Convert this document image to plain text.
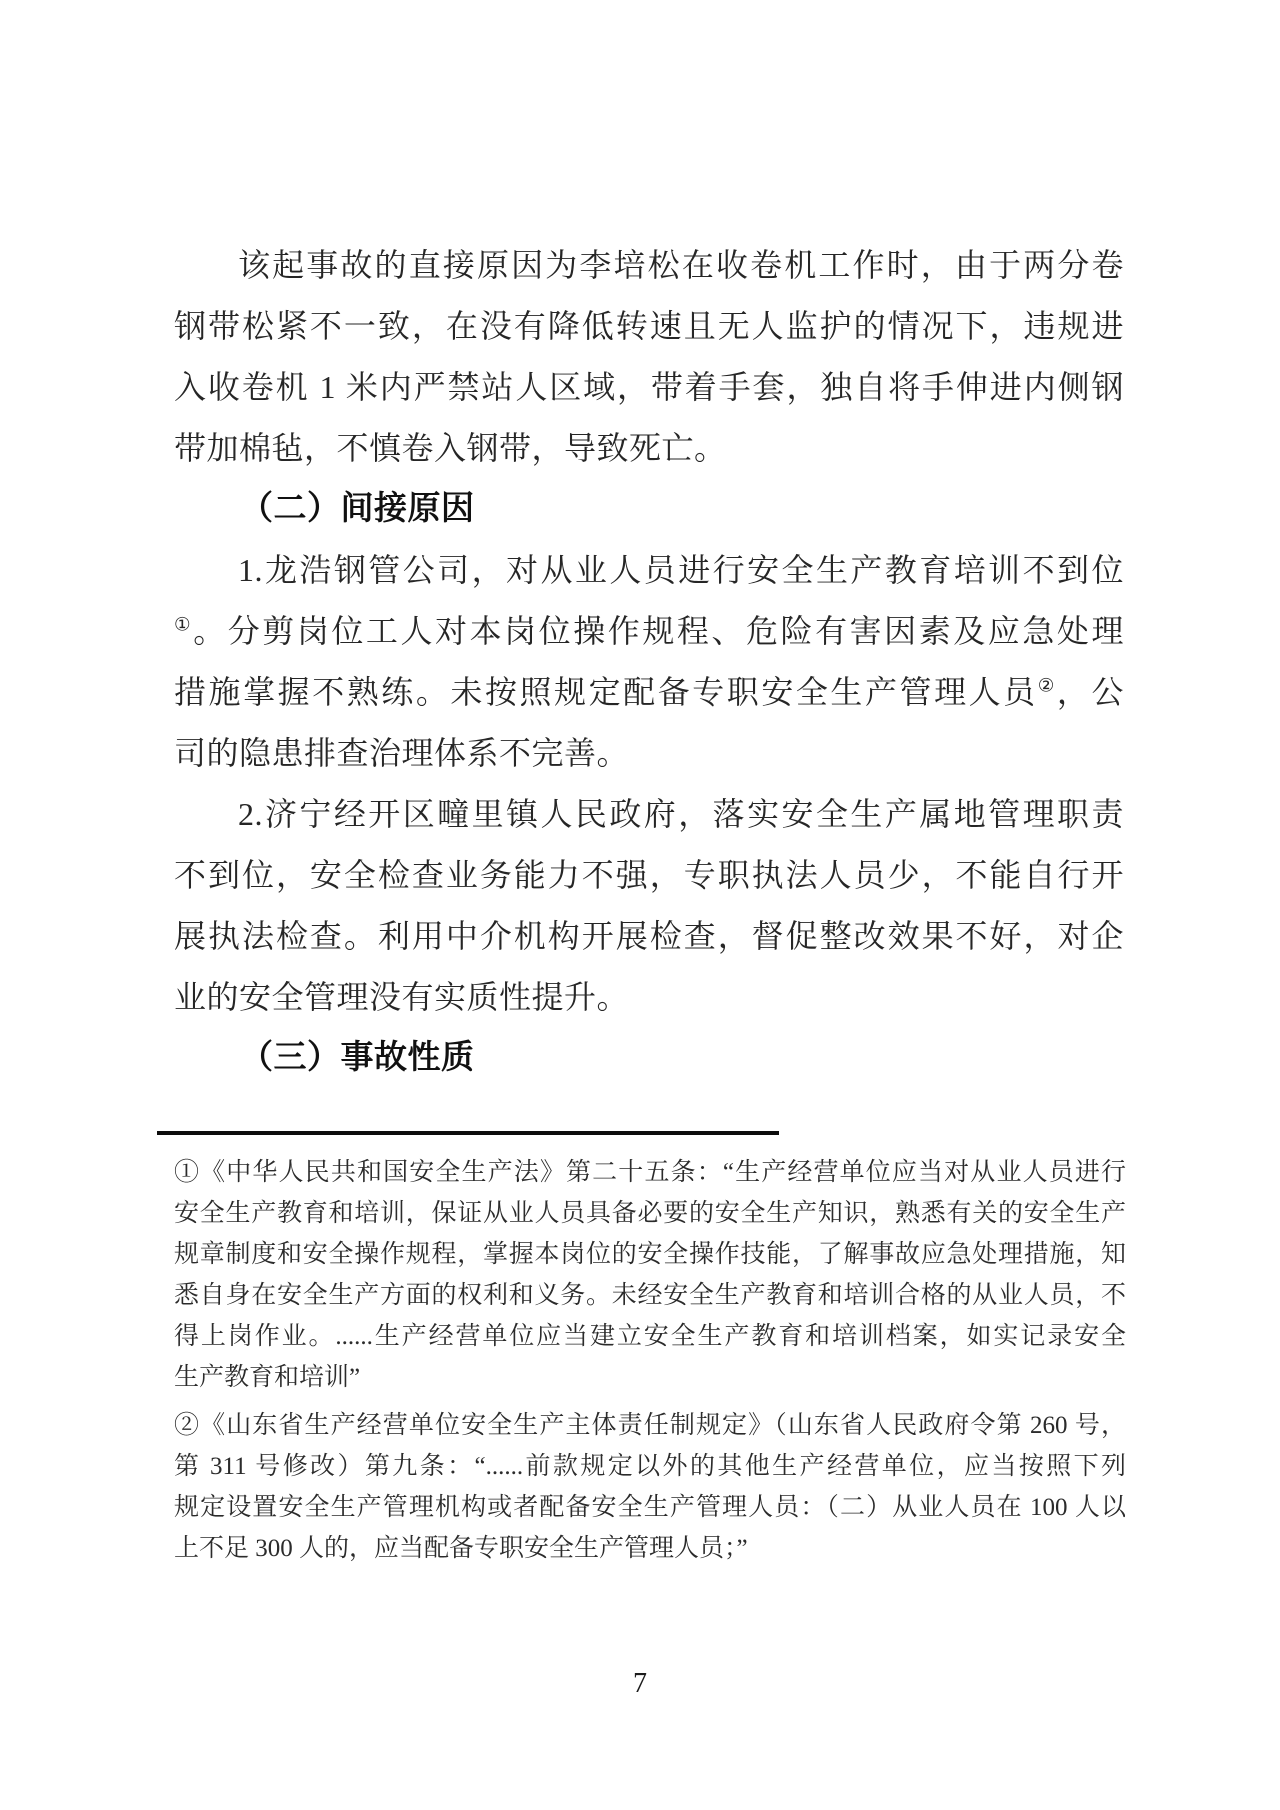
该起事故的直接原因为李培松在收卷机工作时，由于两分卷
钢带松紧不一致，在没有降低转速且无人监护的情况下，违规进
入收卷机 1 米内严禁站人区域，带着手套，独自将手伸进内侧钢
带加棉毡，不慎卷入钢带，导致死亡。
（二）间接原因
1.龙浩钢管公司，对从业人员进行安全生产教育培训不到位
①。分剪岗位工人对本岗位操作规程、危险有害因素及应急处理
措施掌握不熟练。未按照规定配备专职安全生产管理人员②，公
司的隐患排查治理体系不完善。
2.济宁经开区疃里镇人民政府，落实安全生产属地管理职责
不到位，安全检查业务能力不强，专职执法人员少，不能自行开
展执法检查。利用中介机构开展检查，督促整改效果不好，对企
业的安全管理没有实质性提升。
（三）事故性质
①《中华人民共和国安全生产法》第二十五条：“生产经营单位应当对从业人员进行
安全生产教育和培训，保证从业人员具备必要的安全生产知识，熟悉有关的安全生产
规章制度和安全操作规程，掌握本岗位的安全操作技能，了解事故应急处理措施，知
悉自身在安全生产方面的权利和义务。未经安全生产教育和培训合格的从业人员，不
得上岗作业。......生产经营单位应当建立安全生产教育和培训档案，如实记录安全
生产教育和培训”
②《山东省生产经营单位安全生产主体责任制规定》（山东省人民政府令第 260 号，
第 311 号修改）第九条：“......前款规定以外的其他生产经营单位，应当按照下列
规定设置安全生产管理机构或者配备安全生产管理人员：（二）从业人员在 100 人以
上不足 300 人的，应当配备专职安全生产管理人员；”
7
